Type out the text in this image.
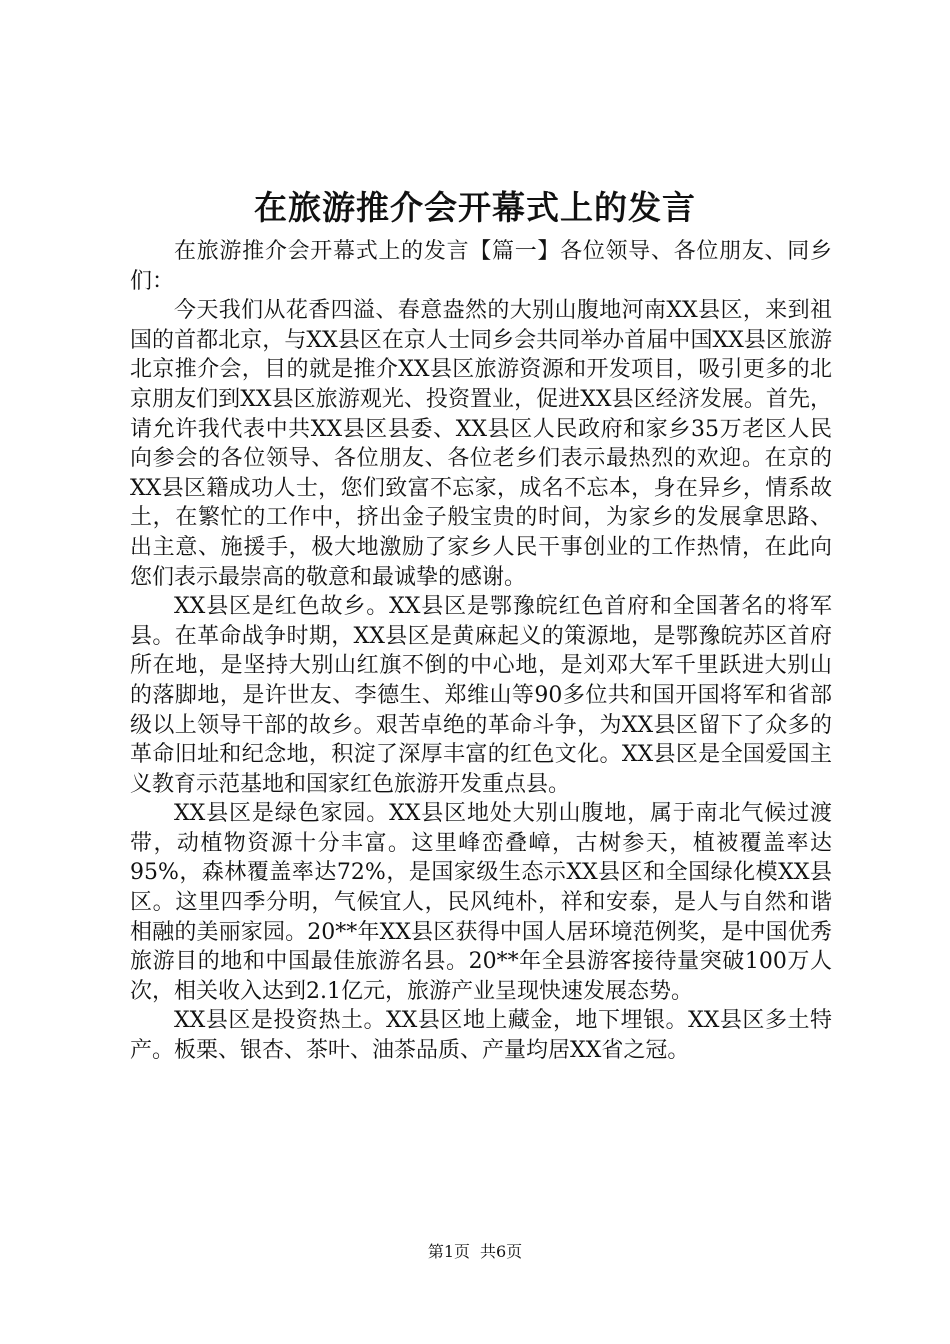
在旅游推介会开幕式上的发言

在旅游推介会开幕式上的发言【篇一】各位领导、各位朋友、同乡们：

今天我们从花香四溢、春意盎然的大别山腹地河南XX县区，来到祖国的首都北京，与XX县区在京人士同乡会共同举办首届中国XX县区旅游北京推介会，目的就是推介XX县区旅游资源和开发项目，吸引更多的北京朋友们到XX县区旅游观光、投资置业，促进XX县区经济发展。首先，请允许我代表中共XX县区县委、XX县区人民政府和家乡35万老区人民向参会的各位领导、各位朋友、各位老乡们表示最热烈的欢迎。在京的XX县区籍成功人士，您们致富不忘家，成名不忘本，身在异乡，情系故土，在繁忙的工作中，挤出金子般宝贵的时间，为家乡的发展拿思路、出主意、施援手，极大地激励了家乡人民干事创业的工作热情，在此向您们表示最崇高的敬意和最诚挚的感谢。

XX县区是红色故乡。XX县区是鄂豫皖红色首府和全国著名的将军县。在革命战争时期，XX县区是黄麻起义的策源地，是鄂豫皖苏区首府所在地，是坚持大别山红旗不倒的中心地，是刘邓大军千里跃进大别山的落脚地，是许世友、李德生、郑维山等90多位共和国开国将军和省部级以上领导干部的故乡。艰苦卓绝的革命斗争，为XX县区留下了众多的革命旧址和纪念地，积淀了深厚丰富的红色文化。XX县区是全国爱国主义教育示范基地和国家红色旅游开发重点县。

XX县区是绿色家园。XX县区地处大别山腹地，属于南北气候过渡带，动植物资源十分丰富。这里峰峦叠嶂，古树参天，植被覆盖率达95%，森林覆盖率达72%，是国家级生态示XX县区和全国绿化模XX县区。这里四季分明，气候宜人，民风纯朴，祥和安泰，是人与自然和谐相融的美丽家园。20**年XX县区获得中国人居环境范例奖，是中国优秀旅游目的地和中国最佳旅游名县。20**年全县游客接待量突破100万人次，相关收入达到2.1亿元，旅游产业呈现快速发展态势。

XX县区是投资热土。XX县区地上藏金，地下埋银。XX县区多土特产。板栗、银杏、茶叶、油茶品质、产量均居XX省之冠。

第1页 共6页
